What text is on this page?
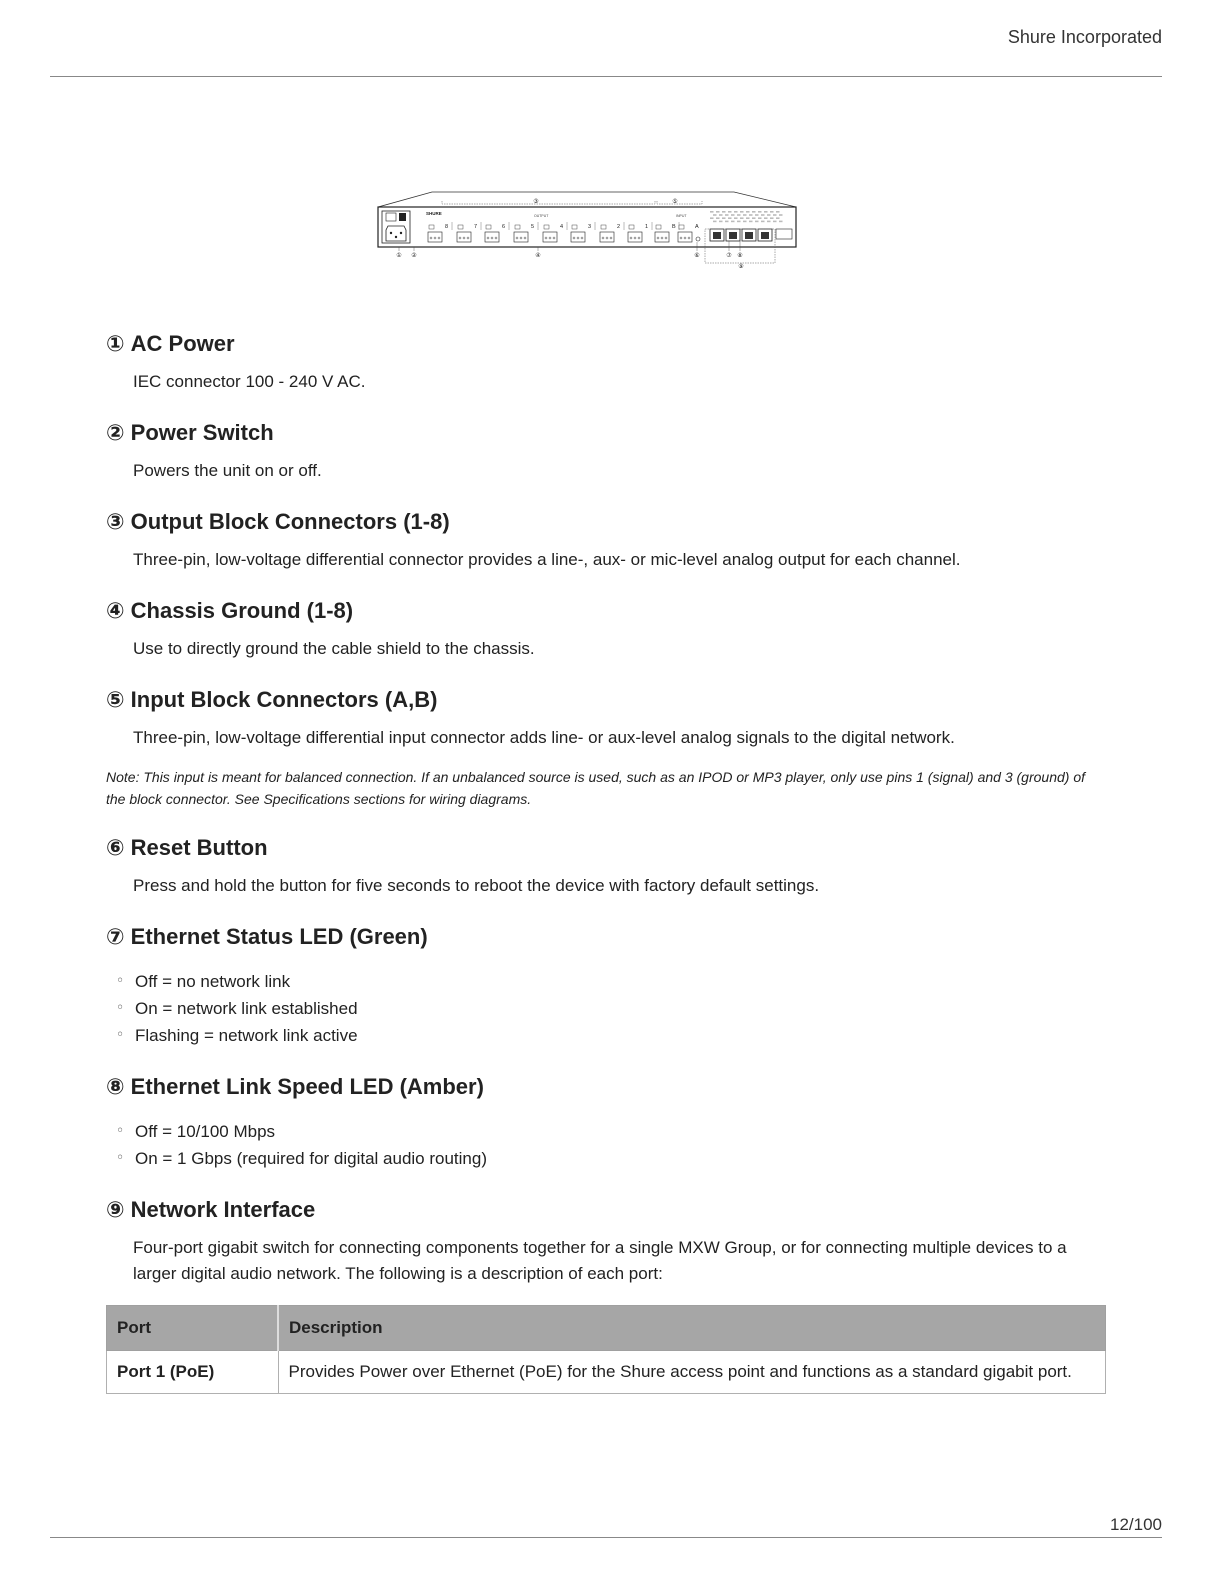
Shure Incorporated
SHURE	OUTPUT	INPUT
8	7	6	5	4	3	2	1	B	A
① ②
③
④
⑤
⑥	⑦ ⑧
⑨
① AC Power
IEC connector 100 - 240 V AC.
② Power Switch
Powers the unit on or off.
③ Output Block Connectors (1-8)
Three-pin, low-voltage differential connector provides a line-, aux- or mic-level analog output for each channel.
④ Chassis Ground (1-8)
Use to directly ground the cable shield to the chassis.
⑤ Input Block Connectors (A,B)
Three-pin, low-voltage differential input connector adds line- or aux-level analog signals to the digital network.
Note: This input is meant for balanced connection. If an unbalanced source is used, such as an IPOD or MP3 player, only use pins 1 (signal) and 3 (ground) of the block connector. See Specifications sections for wiring diagrams.
⑥ Reset Button
Press and hold the button for five seconds to reboot the device with factory default settings.
⑦ Ethernet Status LED (Green)
◦ Off = no network link
◦ On = network link established
◦ Flashing = network link active
⑧ Ethernet Link Speed LED (Amber)
◦ Off = 10/100 Mbps
◦ On = 1 Gbps (required for digital audio routing)
⑨ Network Interface
Four-port gigabit switch for connecting components together for a single MXW Group, or for connecting multiple devices to a larger digital audio network. The following is a description of each port:
Port	Description
Port 1 (PoE)	Provides Power over Ethernet (PoE) for the Shure access point and functions as a standard gigabit port.
12/100
